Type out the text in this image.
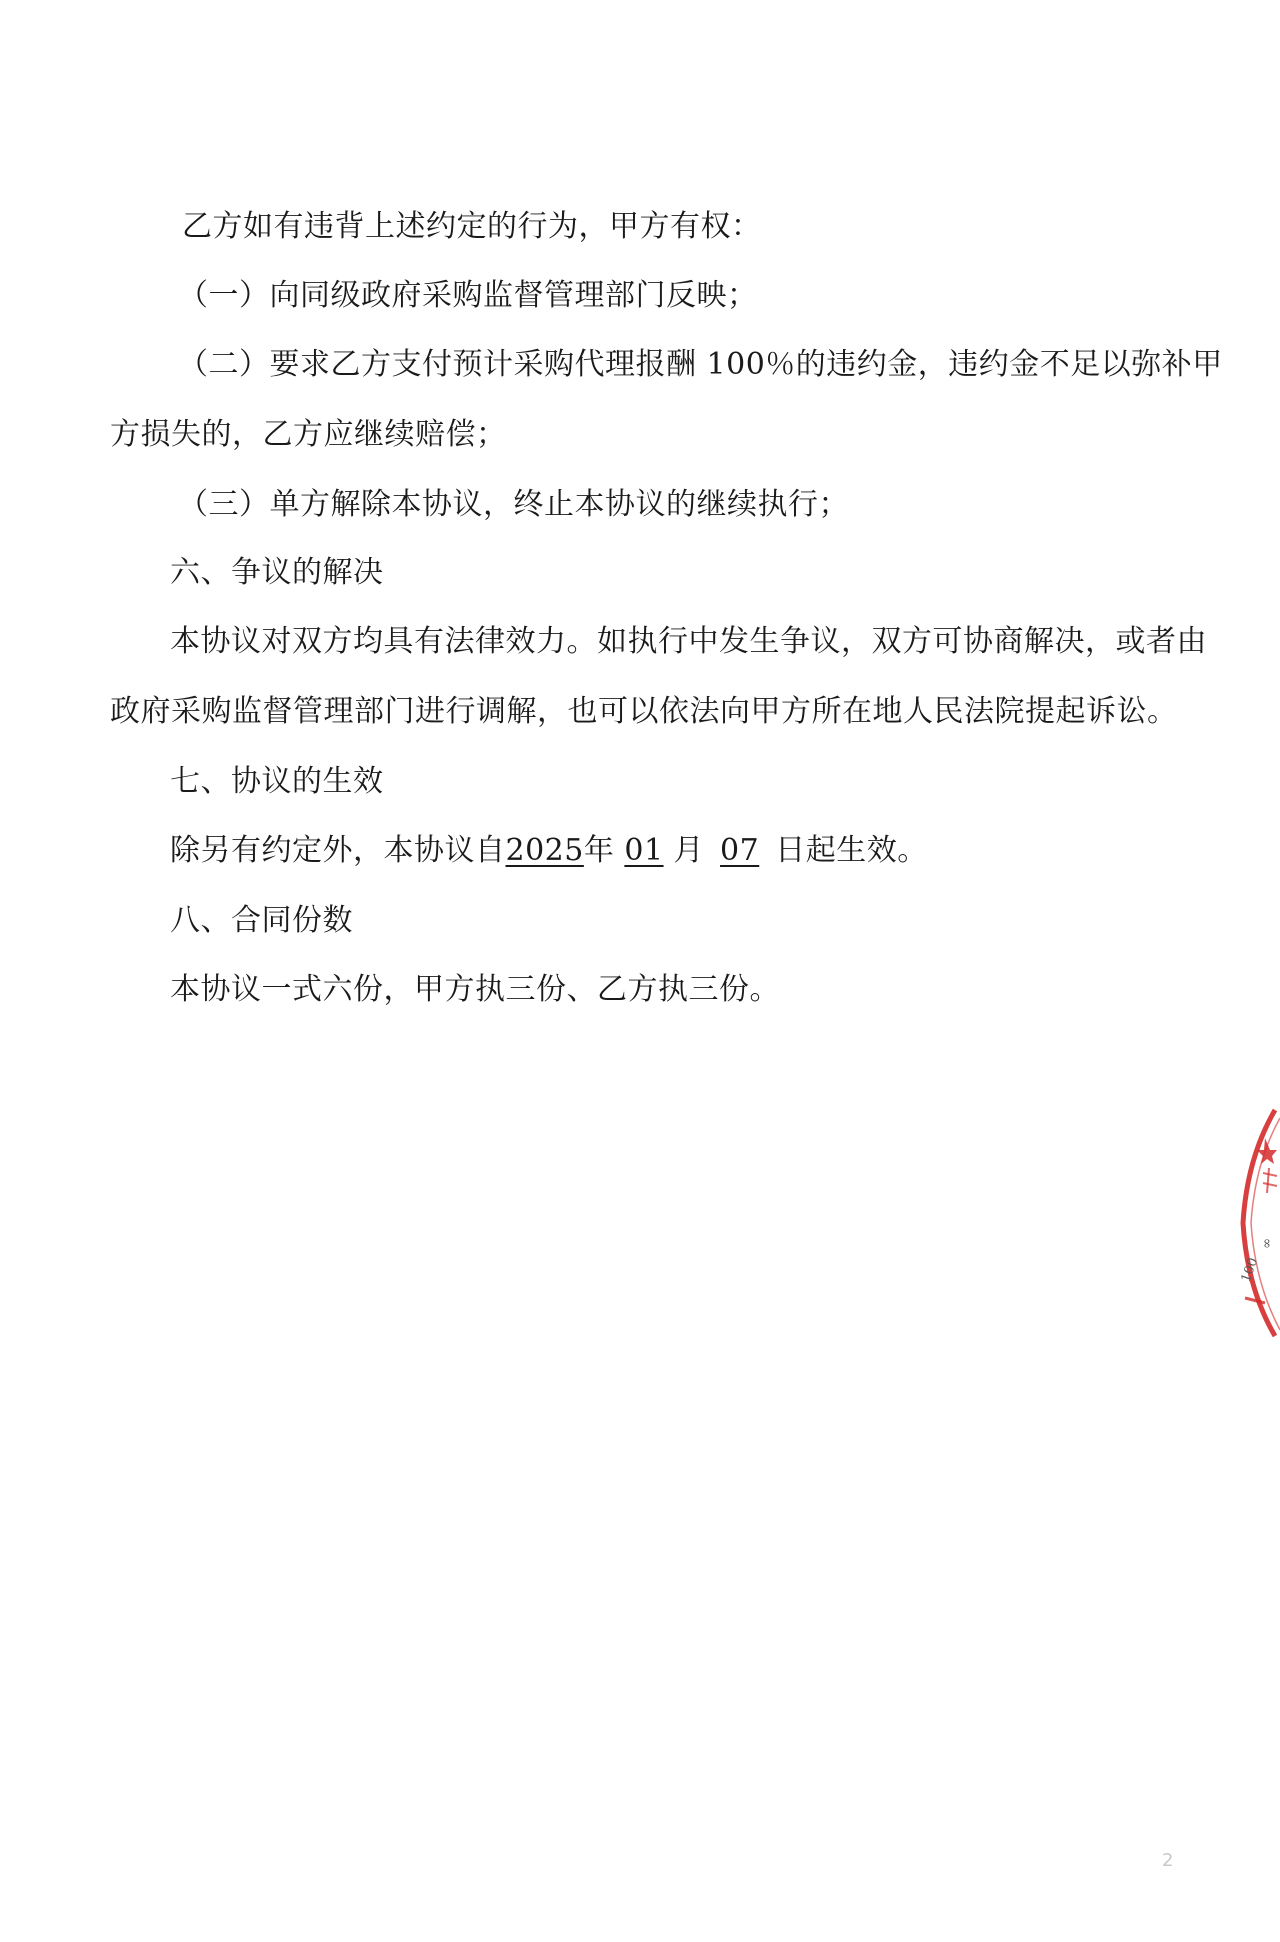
乙方如有违背上述约定的行为，甲方有权：
（一）向同级政府采购监督管理部门反映；
（二）要求乙方支付预计采购代理报酬 100％的违约金，违约金不足以弥补甲
方损失的，乙方应继续赔偿；
（三）单方解除本协议，终止本协议的继续执行；
六、争议的解决
本协议对双方均具有法律效力。如执行中发生争议，双方可协商解决，或者由
政府采购监督管理部门进行调解，也可以依法向甲方所在地人民法院提起诉讼。
七、协议的生效
除另有约定外，本协议自2025年 01 月 07 日起生效。
八、合同份数
本协议一式六份，甲方执三份、乙方执三份。
∞
100
2
